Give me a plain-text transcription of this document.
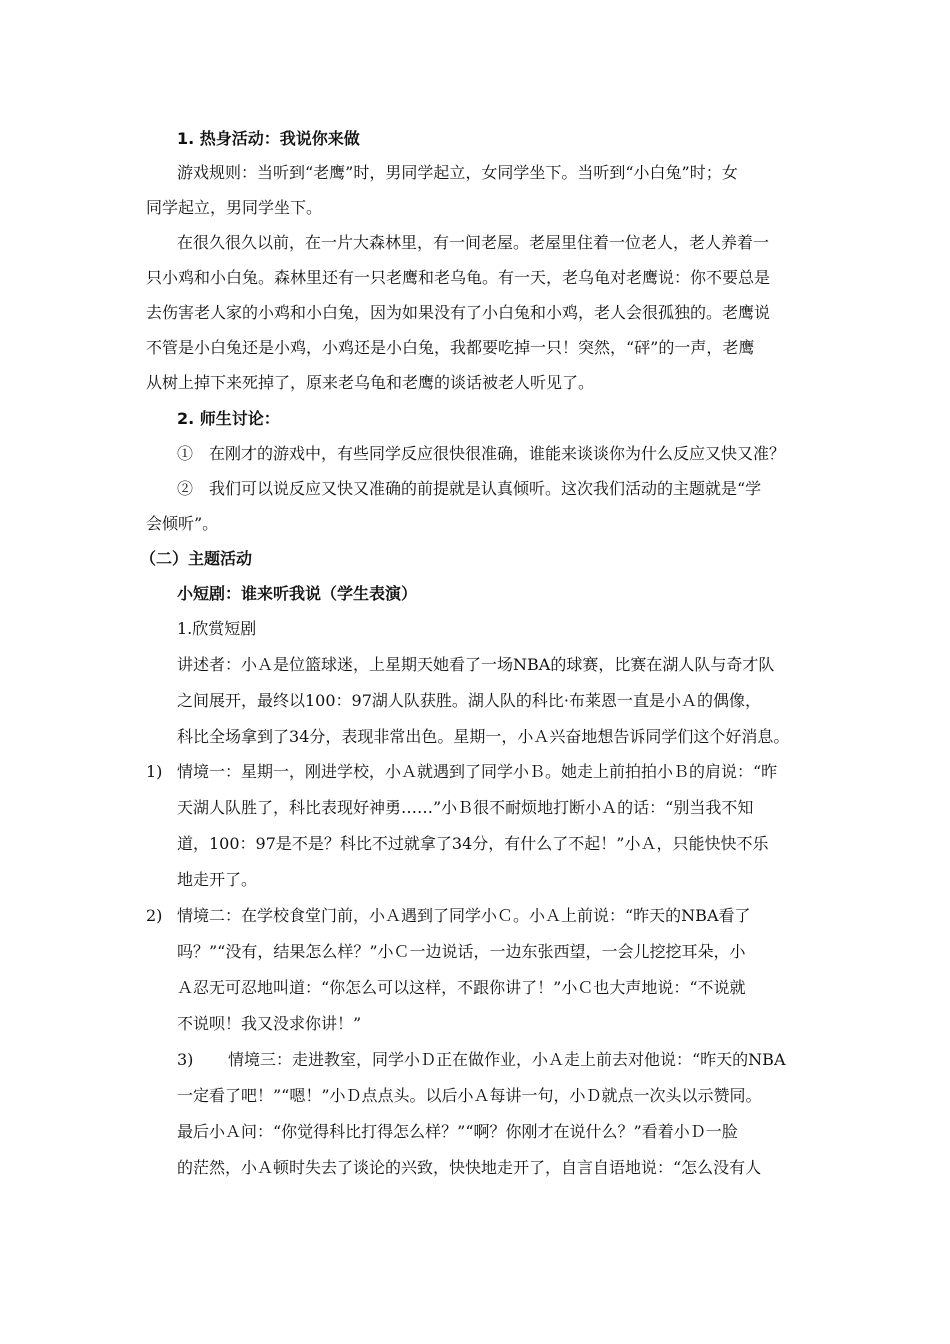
1. 热身活动：我说你来做
游戏规则：当听到“老鹰”时，男同学起立，女同学坐下。当听到“小白兔”时；女
同学起立，男同学坐下。
在很久很久以前，在一片大森林里，有一间老屋。老屋里住着一位老人，老人养着一
只小鸡和小白兔。森林里还有一只老鹰和老乌龟。有一天，老乌龟对老鹰说：你不要总是
去伤害老人家的小鸡和小白兔，因为如果没有了小白兔和小鸡，老人会很孤独的。老鹰说
不管是小白兔还是小鸡，小鸡还是小白兔，我都要吃掉一只！突然，“砰”的一声，老鹰
从树上掉下来死掉了，原来老乌龟和老鹰的谈话被老人听见了。
2. 师生讨论：
①　在刚才的游戏中，有些同学反应很快很准确，谁能来谈谈你为什么反应又快又准？
②　我们可以说反应又快又准确的前提就是认真倾听。这次我们活动的主题就是“学
会倾听”。
（二）主题活动
小短剧：谁来听我说（学生表演）
1.欣赏短剧
讲述者：小Ａ是位篮球迷，上星期天她看了一场NBA的球赛，比赛在湖人队与奇才队
之间展开，最终以100：97湖人队获胜。湖人队的科比·布莱恩一直是小Ａ的偶像，
科比全场拿到了34分，表现非常出色。星期一，小Ａ兴奋地想告诉同学们这个好消息。
1) 情境一：星期一，刚进学校，小Ａ就遇到了同学小Ｂ。她走上前拍拍小Ｂ的肩说：“昨
天湖人队胜了，科比表现好神勇……”小Ｂ很不耐烦地打断小Ａ的话：“别当我不知
道，100：97是不是？科比不过就拿了34分，有什么了不起！”小Ａ，只能快快不乐
地走开了。
2) 情境二：在学校食堂门前，小Ａ遇到了同学小Ｃ。小Ａ上前说：“昨天的NBA看了
吗？”“没有，结果怎么样？”小Ｃ一边说话，一边东张西望，一会儿挖挖耳朵，小
Ａ忍无可忍地叫道：“你怎么可以这样，不跟你讲了！”小Ｃ也大声地说：“不说就
不说呗！我又没求你讲！”
3) 情境三：走进教室，同学小Ｄ正在做作业，小Ａ走上前去对他说：“昨天的NBA
一定看了吧！”“嗯！”小Ｄ点点头。以后小Ａ每讲一句，小Ｄ就点一次头以示赞同。
最后小Ａ问：“你觉得科比打得怎么样？”“啊？你刚才在说什么？”看着小Ｄ一脸
的茫然，小Ａ顿时失去了谈论的兴致，快快地走开了，自言自语地说：“怎么没有人
